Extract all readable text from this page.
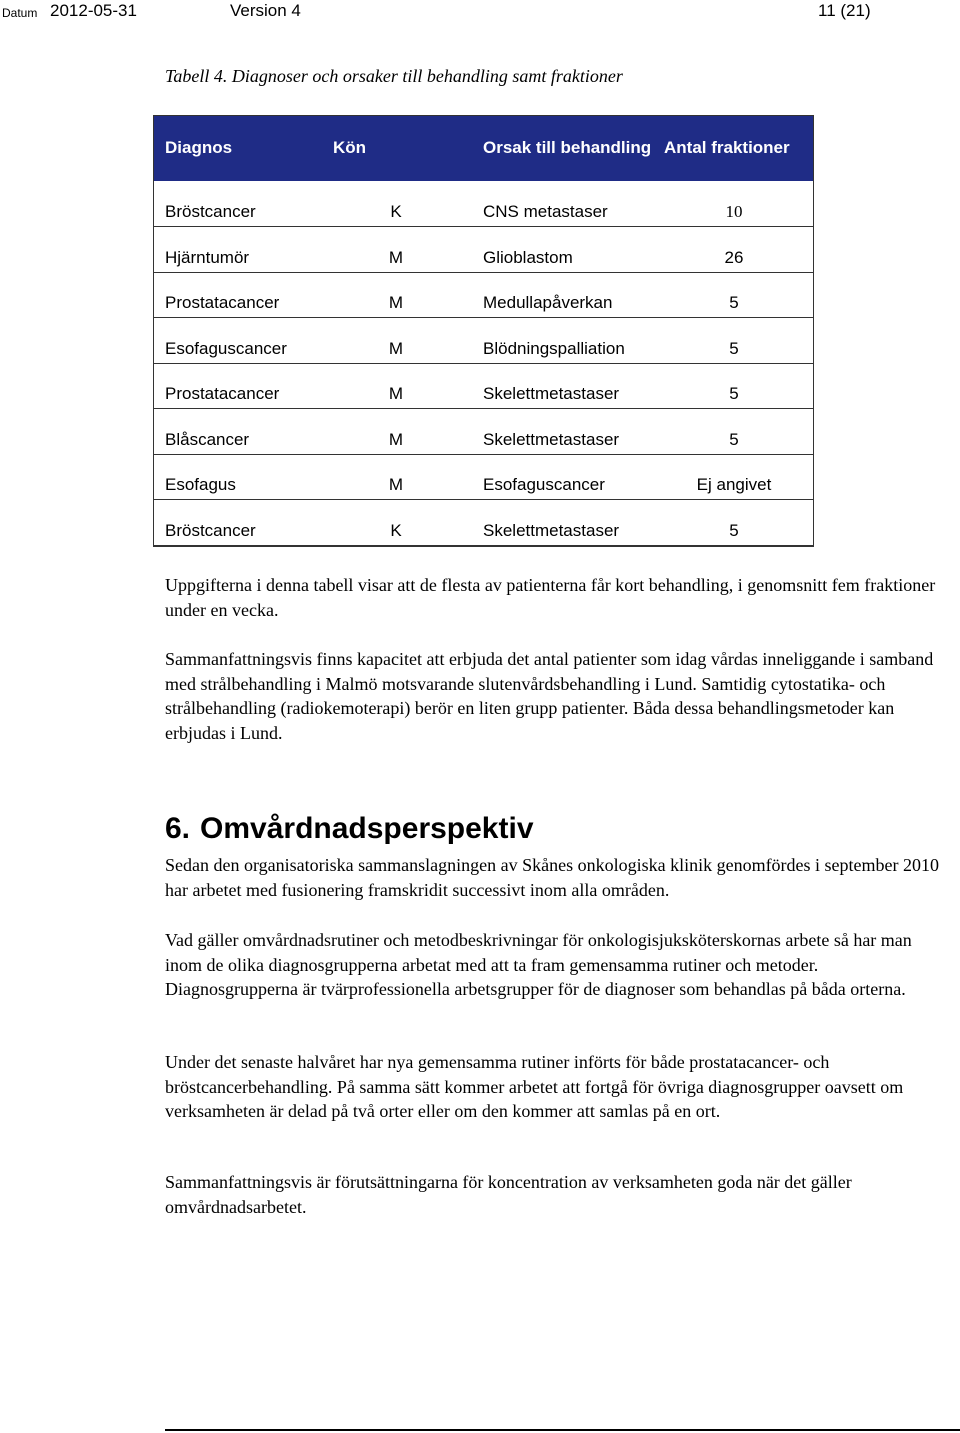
Datum 2012-05-31	Version 4	11 (21)
Tabell 4. Diagnoser och orsaker till behandling samt fraktioner
Diagnos	Kön	Orsak till behandling	Antal fraktioner
Bröstcancer	K	CNS metastaser	10
Hjärntumör	M	Glioblastom	26
Prostatacancer	M	Medullapåverkan	5
Esofaguscancer	M	Blödningspalliation	5
Prostatacancer	M	Skelettmetastaser	5
Blåscancer	M	Skelettmetastaser	5
Esofagus	M	Esofaguscancer	Ej angivet
Bröstcancer	K	Skelettmetastaser	5

Uppgifterna i denna tabell visar att de flesta av patienterna får kort behandling, i genomsnitt fem fraktioner under en vecka.

Sammanfattningsvis finns kapacitet att erbjuda det antal patienter som idag vårdas inneliggande i samband med strålbehandling i Malmö motsvarande slutenvårdsbehandling i Lund. Samtidig cytostatika- och strålbehandling (radiokemoterapi) berör en liten grupp patienter. Båda dessa behandlingsmetoder kan erbjudas i Lund.

6. Omvårdnadsperspektiv

Sedan den organisatoriska sammanslagningen av Skånes onkologiska klinik genomfördes i september 2010 har arbetet med fusionering framskridit successivt inom alla områden.

Vad gäller omvårdnadsrutiner och metodbeskrivningar för onkologisjuksköterskornas arbete så har man inom de olika diagnosgrupperna arbetat med att ta fram gemensamma rutiner och metoder. Diagnosgrupperna är tvärprofessionella arbetsgrupper för de diagnoser som behandlas på båda orterna.

Under det senaste halvåret har nya gemensamma rutiner införts för både prostatacancer- och bröstcancerbehandling. På samma sätt kommer arbetet att fortgå för övriga diagnosgrupper oavsett om verksamheten är delad på två orter eller om den kommer att samlas på en ort.

Sammanfattningsvis är förutsättningarna för koncentration av verksamheten goda när det gäller omvårdnadsarbetet.
